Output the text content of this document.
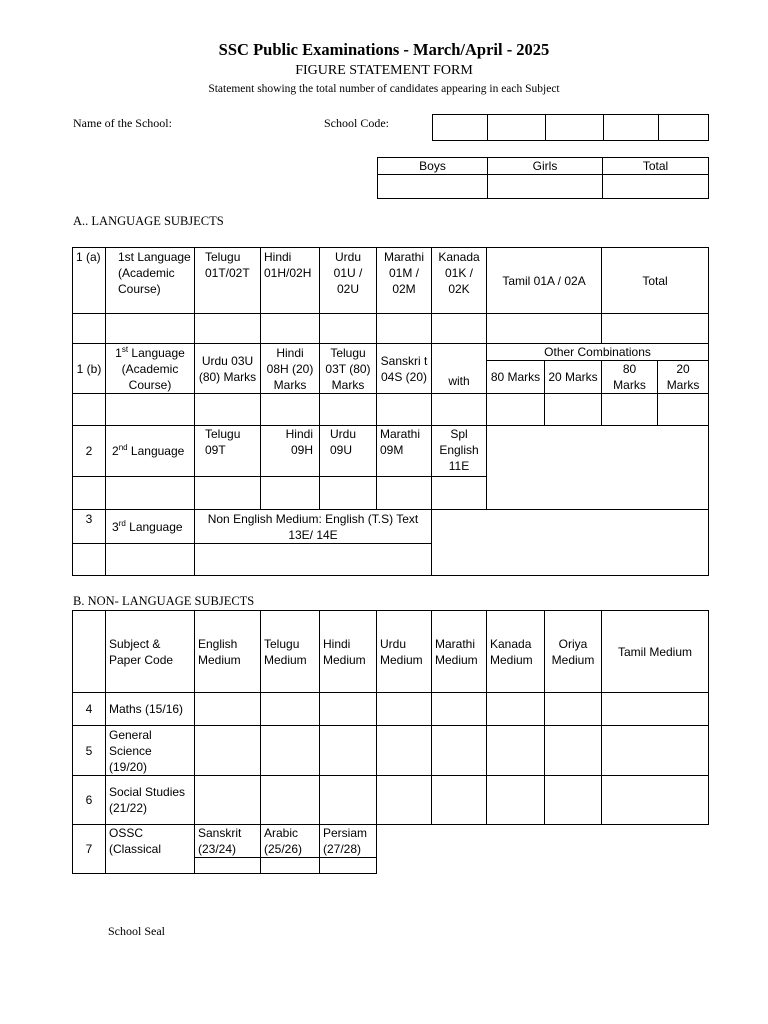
SSC Public Examinations - March/April - 2025
FIGURE STATEMENT FORM
Statement showing the total number of candidates appearing in each Subject
Name of the School:	School Code:

Boys	Girls	Total

A.. LANGUAGE SUBJECTS
1 (a)	1st Language (Academic Course)	Telugu 01T/02T	Hindi 01H/02H	Urdu 01U / 02U	Marathi 01M / 02M	Kanada 01K / 02K	Tamil 01A / 02A		Total	

1 (b)	1st Language (Academic Course)	Urdu 03U (80) Marks	Hindi 08H (20) Marks	Telugu 03T (80) Marks	Sanskri t 04S (20)	with	Other Combinations			
							80 Marks	20 Marks	80 Marks	20 Marks

2	2nd Language	Telugu 09T	Hindi 09H	Urdu 09U	Marathi 09M	Spl English 11E				

3	3rd Language	Non English Medium: English (T.S) Text 13E/ 14E								

B. NON- LANGUAGE SUBJECTS
	Subject & Paper Code	English Medium	Telugu Medium	Hindi Medium	Urdu Medium	Marathi Medium	Kanada Medium	Oriya Medium	Tamil Medium
4	Maths (15/16)								
5	General Science (19/20)								
6	Social Studies (21/22)								
7	OSSC (Classical	Sanskrit (23/24)	Arabic (25/26)	Persiam (27/28)					

School Seal
